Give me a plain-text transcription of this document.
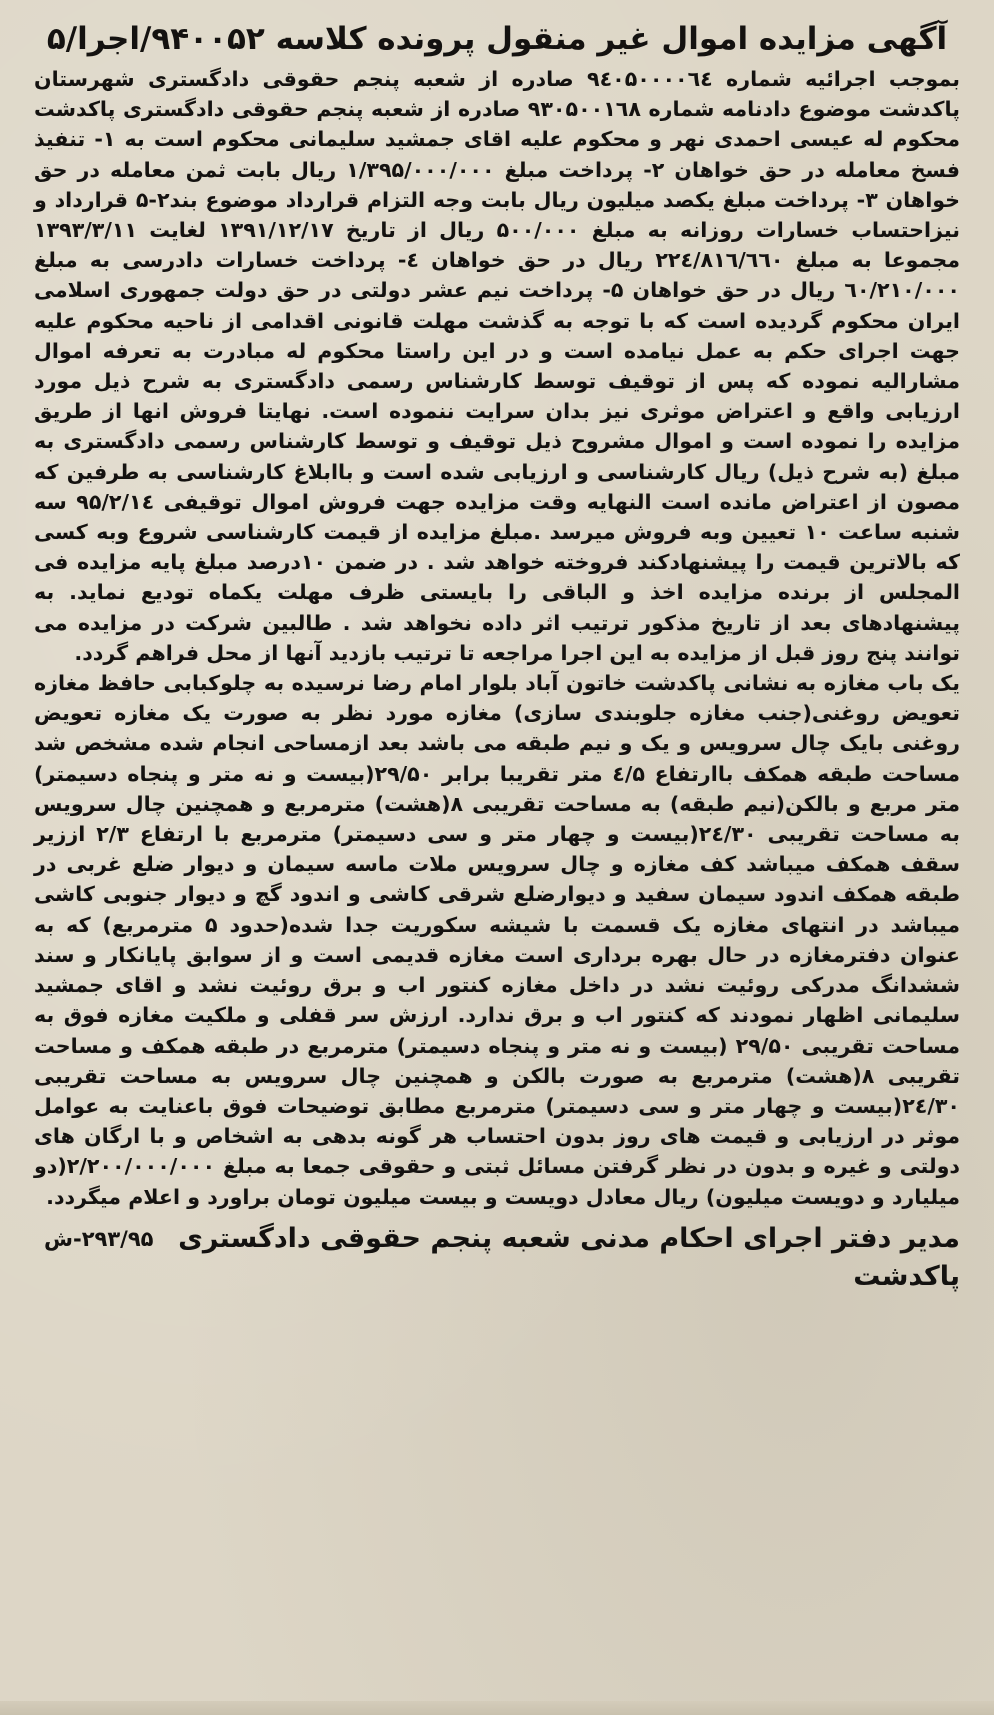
آگهی مزایده اموال غیر منقول پرونده کلاسه ۹۴۰۰۵۲/اجرا/۵

بموجب اجرائیه شماره ۹٤۰۵۰۰۰۰٦٤ صادره از شعبه پنجم حقوقی دادگستری شهرستان پاکدشت موضوع دادنامه شماره ۹۳۰۵۰۰۱٦۸ صادره از شعبه پنجم حقوقی دادگستری پاکدشت محکوم له عیسی احمدی نهر و محکوم علیه اقای جمشید سلیمانی محکوم است به ۱- تنفیذ فسخ معامله در حق خواهان ۲- پرداخت مبلغ ۱/۳۹۵/۰۰۰/۰۰۰ ریال بابت ثمن معامله در حق خواهان ۳- پرداخت مبلغ یکصد میلیون ریال بابت وجه التزام قرارداد موضوع بند۲-۵ قرارداد و نیزاحتساب خسارات روزانه به مبلغ ۵۰۰/۰۰۰ ریال از تاریخ ۱۳۹۱/۱۲/۱۷ لغایت ۱۳۹۳/۳/۱۱ مجموعا به مبلغ ۲۲٤/۸۱٦/٦٦۰ ریال در حق خواهان ٤- پرداخت خسارات دادرسی به مبلغ ٦۰/۲۱۰/۰۰۰ ریال در حق خواهان ۵- پرداخت نیم عشر دولتی در حق دولت جمهوری اسلامی ایران محکوم گردیده است که با توجه به گذشت مهلت قانونی اقدامی از ناحیه محکوم علیه جهت اجرای حکم به عمل نیامده است و در این راستا محکوم له مبادرت به تعرفه اموال مشارالیه نموده که پس از توقیف توسط کارشناس رسمی دادگستری به شرح ذیل مورد ارزیابی واقع و اعتراض موثری نیز بدان سرایت ننموده است. نهایتا فروش انها از طریق مزایده را نموده است و اموال مشروح ذیل توقیف و توسط کارشناس رسمی دادگستری به مبلغ (به شرح ذیل) ریال کارشناسی و ارزیابی شده است و باابلاغ کارشناسی به طرفین که مصون از اعتراض مانده است النهایه وقت مزایده جهت فروش اموال توقیفی ۹۵/۲/۱٤ سه شنبه ساعت ۱۰ تعیین وبه فروش میرسد .مبلغ مزایده از قیمت کارشناسی شروع وبه کسی که بالاترین قیمت را پیشنهادکند فروخته خواهد شد . در ضمن ۱۰درصد مبلغ پایه مزایده فی المجلس از برنده مزایده اخذ و الباقی را بایستی ظرف مهلت یکماه تودیع نماید. به پیشنهادهای بعد از تاریخ مذکور ترتیب اثر داده نخواهد شد . طالبین شرکت در مزایده می توانند پنج روز قبل از مزایده به این اجرا مراجعه تا ترتیب بازدید آنها از محل فراهم گردد.

یک باب مغازه به نشانی پاکدشت خاتون آباد بلوار امام رضا نرسیده به چلوکبابی حافظ مغازه تعویض روغنی(جنب مغازه جلوبندی سازی) مغازه مورد نظر به صورت یک مغازه تعویض روغنی بایک چال سرویس و یک و نیم طبقه می باشد بعد ازمساحی انجام شده مشخص شد مساحت طبقه همکف باارتفاع ٤/۵ متر تقریبا برابر ۲۹/۵۰(بیست و نه متر و پنجاه دسیمتر) متر مربع و بالکن(نیم طبقه) به مساحت تقریبی ۸(هشت) مترمربع و همچنین چال سرویس به مساحت تقریبی ۲٤/۳۰(بیست و چهار متر و سی دسیمتر) مترمربع با ارتفاع ۲/۳ اززیر سقف همکف میباشد کف مغازه و چال سرویس ملات ماسه سیمان و دیوار ضلع غربی در طبقه همکف اندود سیمان سفید و دیوارضلع شرقی کاشی و اندود گچ و دیوار جنوبی کاشی میباشد در انتهای مغازه یک قسمت با شیشه سکوریت جدا شده(حدود ۵ مترمربع) که به عنوان دفترمغازه در حال بهره برداری است مغازه قدیمی است و از سوابق پایانکار و سند ششدانگ مدرکی روئیت نشد در داخل مغازه کنتور اب و برق روئیت نشد و اقای جمشید سلیمانی اظهار نمودند که کنتور اب و برق ندارد. ارزش سر قفلی و ملکیت مغازه فوق به مساحت تقریبی ۲۹/۵۰ (بیست و نه متر و پنجاه دسیمتر) مترمربع در طبقه همکف و مساحت تقریبی ۸(هشت) مترمربع به صورت بالکن و همچنین چال سرویس به مساحت تقریبی ۲٤/۳۰(بیست و چهار متر و سی دسیمتر) مترمربع مطابق توضیحات فوق باعنایت به عوامل موثر در ارزیابی و قیمت های روز بدون احتساب هر گونه بدهی به اشخاص و با ارگان های دولتی و غیره و بدون در نظر گرفتن مسائل ثبتی و حقوقی جمعا به مبلغ ۲/۲۰۰/۰۰۰/۰۰۰(دو میلیارد و دویست میلیون) ریال معادل دویست و بیست میلیون تومان براورد و اعلام میگردد.

مدیر دفتر اجرای احکام مدنی شعبه پنجم حقوقی دادگستری پاکدشت

۲۹۳/۹۵-ش
